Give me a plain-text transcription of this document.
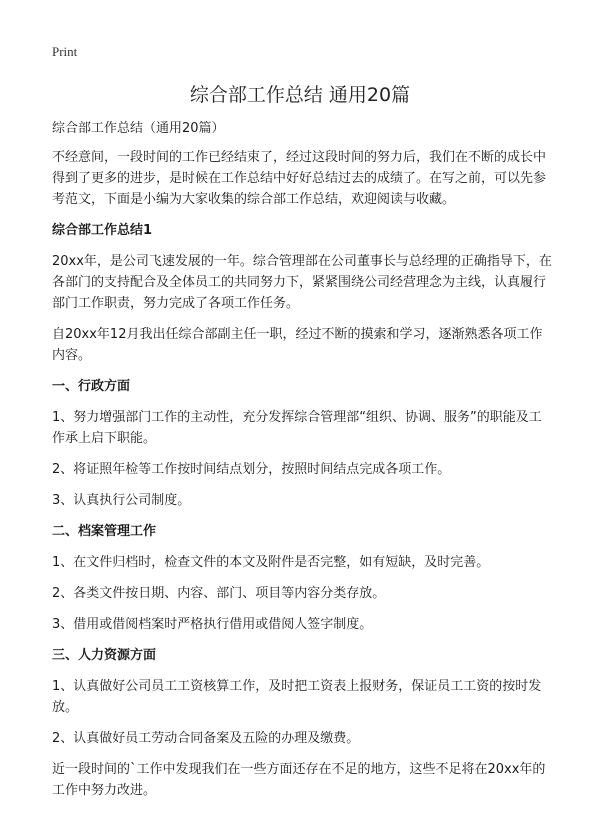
Print
综合部工作总结 通用20篇

综合部工作总结（通用20篇）

不经意间，一段时间的工作已经结束了，经过这段时间的努力后，我们在不断的成长中得到了更多的进步，是时候在工作总结中好好总结过去的成绩了。在写之前，可以先参考范文，下面是小编为大家收集的综合部工作总结，欢迎阅读与收藏。

综合部工作总结1

20xx年，是公司飞速发展的一年。综合管理部在公司董事长与总经理的正确指导下，在各部门的支持配合及全体员工的共同努力下，紧紧围绕公司经营理念为主线，认真履行部门工作职责，努力完成了各项工作任务。

自20xx年12月我出任综合部副主任一职，经过不断的摸索和学习，逐渐熟悉各项工作内容。

一、行政方面

1、努力增强部门工作的主动性，充分发挥综合管理部“组织、协调、服务”的职能及工作承上启下职能。

2、将证照年检等工作按时间结点划分，按照时间结点完成各项工作。

3、认真执行公司制度。

二、档案管理工作

1、在文件归档时，检查文件的本文及附件是否完整，如有短缺，及时完善。

2、各类文件按日期、内容、部门、项目等内容分类存放。

3、借用或借阅档案时严格执行借用或借阅人签字制度。

三、人力资源方面

1、认真做好公司员工工资核算工作，及时把工资表上报财务，保证员工工资的按时发放。

2、认真做好员工劳动合同备案及五险的办理及缴费。

近一段时间的`工作中发现我们在一些方面还存在不足的地方，这些不足将在20xx年的工作中努力改进。
